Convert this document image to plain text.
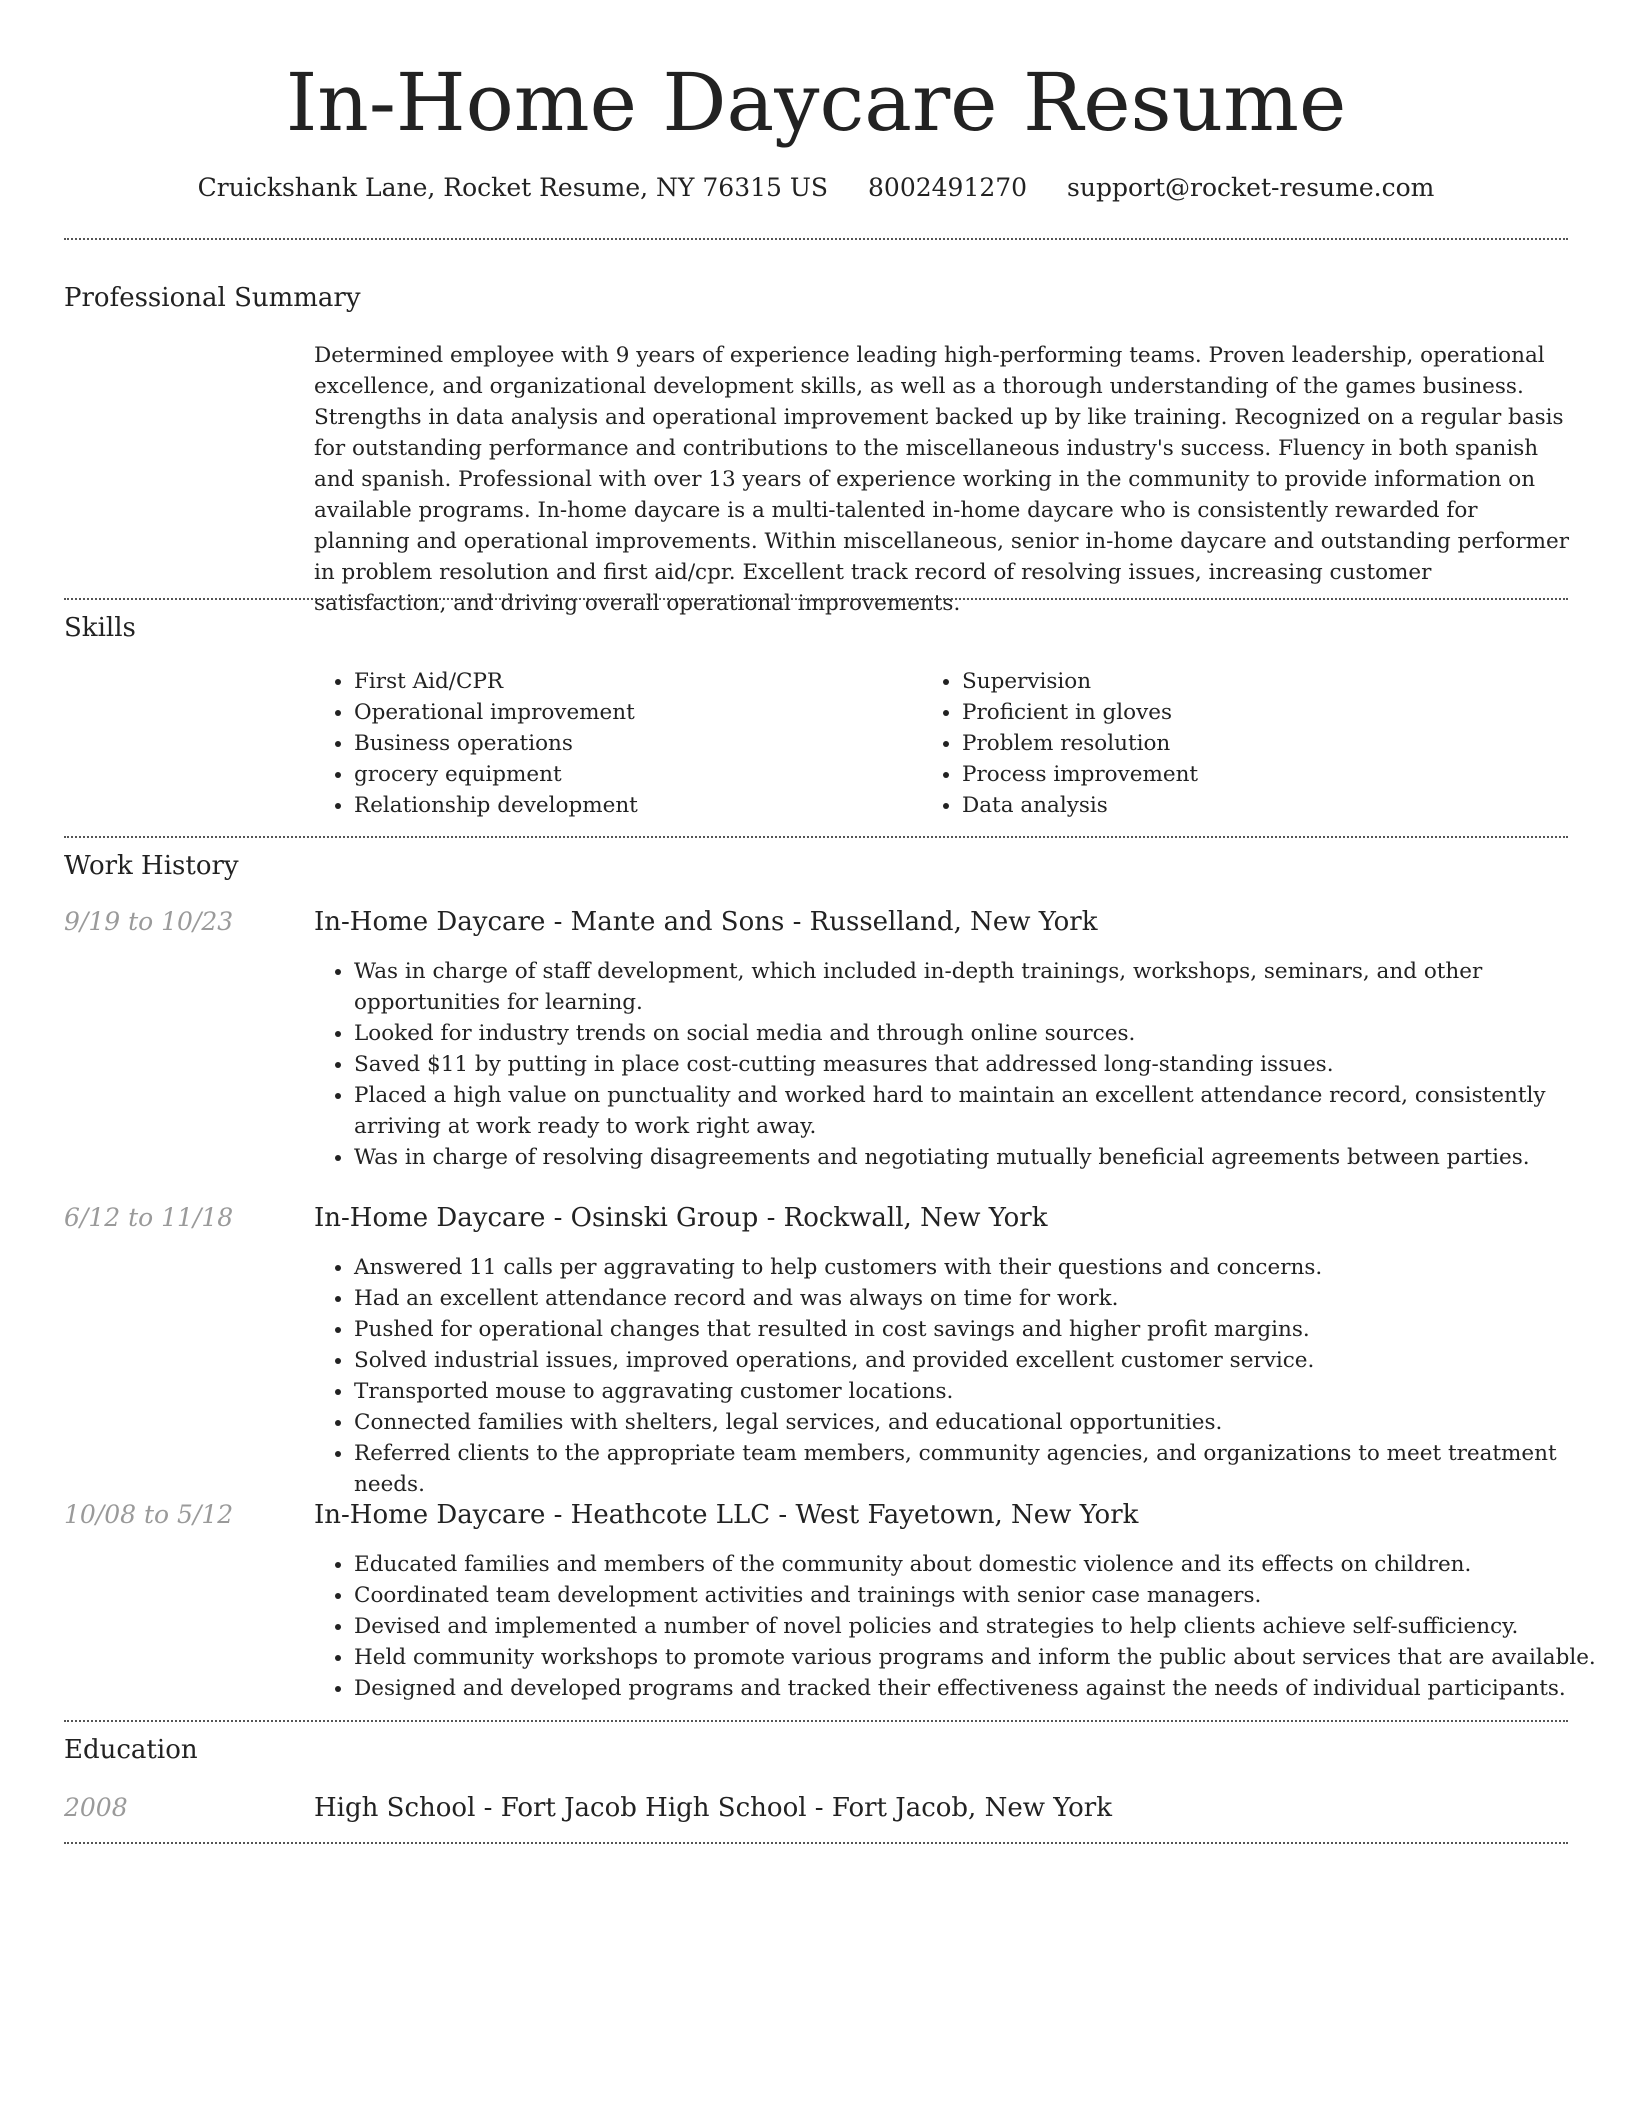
In-Home Daycare Resume
Cruickshank Lane, Rocket Resume, NY 76315 US 8002491270 support@rocket-resume.com
Professional Summary

Determined employee with 9 years of experience leading high-performing teams. Proven leadership, operational excellence, and organizational development skills, as well as a thorough understanding of the games business. Strengths in data analysis and operational improvement backed up by like training. Recognized on a regular basis for outstanding performance and contributions to the miscellaneous industry's success. Fluency in both spanish and spanish. Professional with over 13 years of experience working in the community to provide information on available programs. In-home daycare is a multi-talented in-home daycare who is consistently rewarded for planning and operational improvements. Within miscellaneous, senior in-home daycare and outstanding performer in problem resolution and first aid/cpr. Excellent track record of resolving issues, increasing customer satisfaction, and driving overall operational improvements.

Skills
• First Aid/CPR
• Operational improvement
• Business operations
• grocery equipment
• Relationship development
• Supervision
• Proficient in gloves
• Problem resolution
• Process improvement
• Data analysis
Work History
9/19 to 10/23	In-Home Daycare - Mante and Sons - Russelland, New York
• Was in charge of staff development, which included in-depth trainings, workshops, seminars, and other opportunities for learning.
• Looked for industry trends on social media and through online sources.
• Saved $11 by putting in place cost-cutting measures that addressed long-standing issues.
• Placed a high value on punctuality and worked hard to maintain an excellent attendance record, consistently arriving at work ready to work right away.
• Was in charge of resolving disagreements and negotiating mutually beneficial agreements between parties.
6/12 to 11/18	In-Home Daycare - Osinski Group - Rockwall, New York
• Answered 11 calls per aggravating to help customers with their questions and concerns.
• Had an excellent attendance record and was always on time for work.
• Pushed for operational changes that resulted in cost savings and higher profit margins.
• Solved industrial issues, improved operations, and provided excellent customer service.
• Transported mouse to aggravating customer locations.
• Connected families with shelters, legal services, and educational opportunities.
• Referred clients to the appropriate team members, community agencies, and organizations to meet treatment needs.
10/08 to 5/12	In-Home Daycare - Heathcote LLC - West Fayetown, New York
• Educated families and members of the community about domestic violence and its effects on children.
• Coordinated team development activities and trainings with senior case managers.
• Devised and implemented a number of novel policies and strategies to help clients achieve self-sufficiency.
• Held community workshops to promote various programs and inform the public about services that are available.
• Designed and developed programs and tracked their effectiveness against the needs of individual participants.
Education
2008	High School - Fort Jacob High School - Fort Jacob, New York
